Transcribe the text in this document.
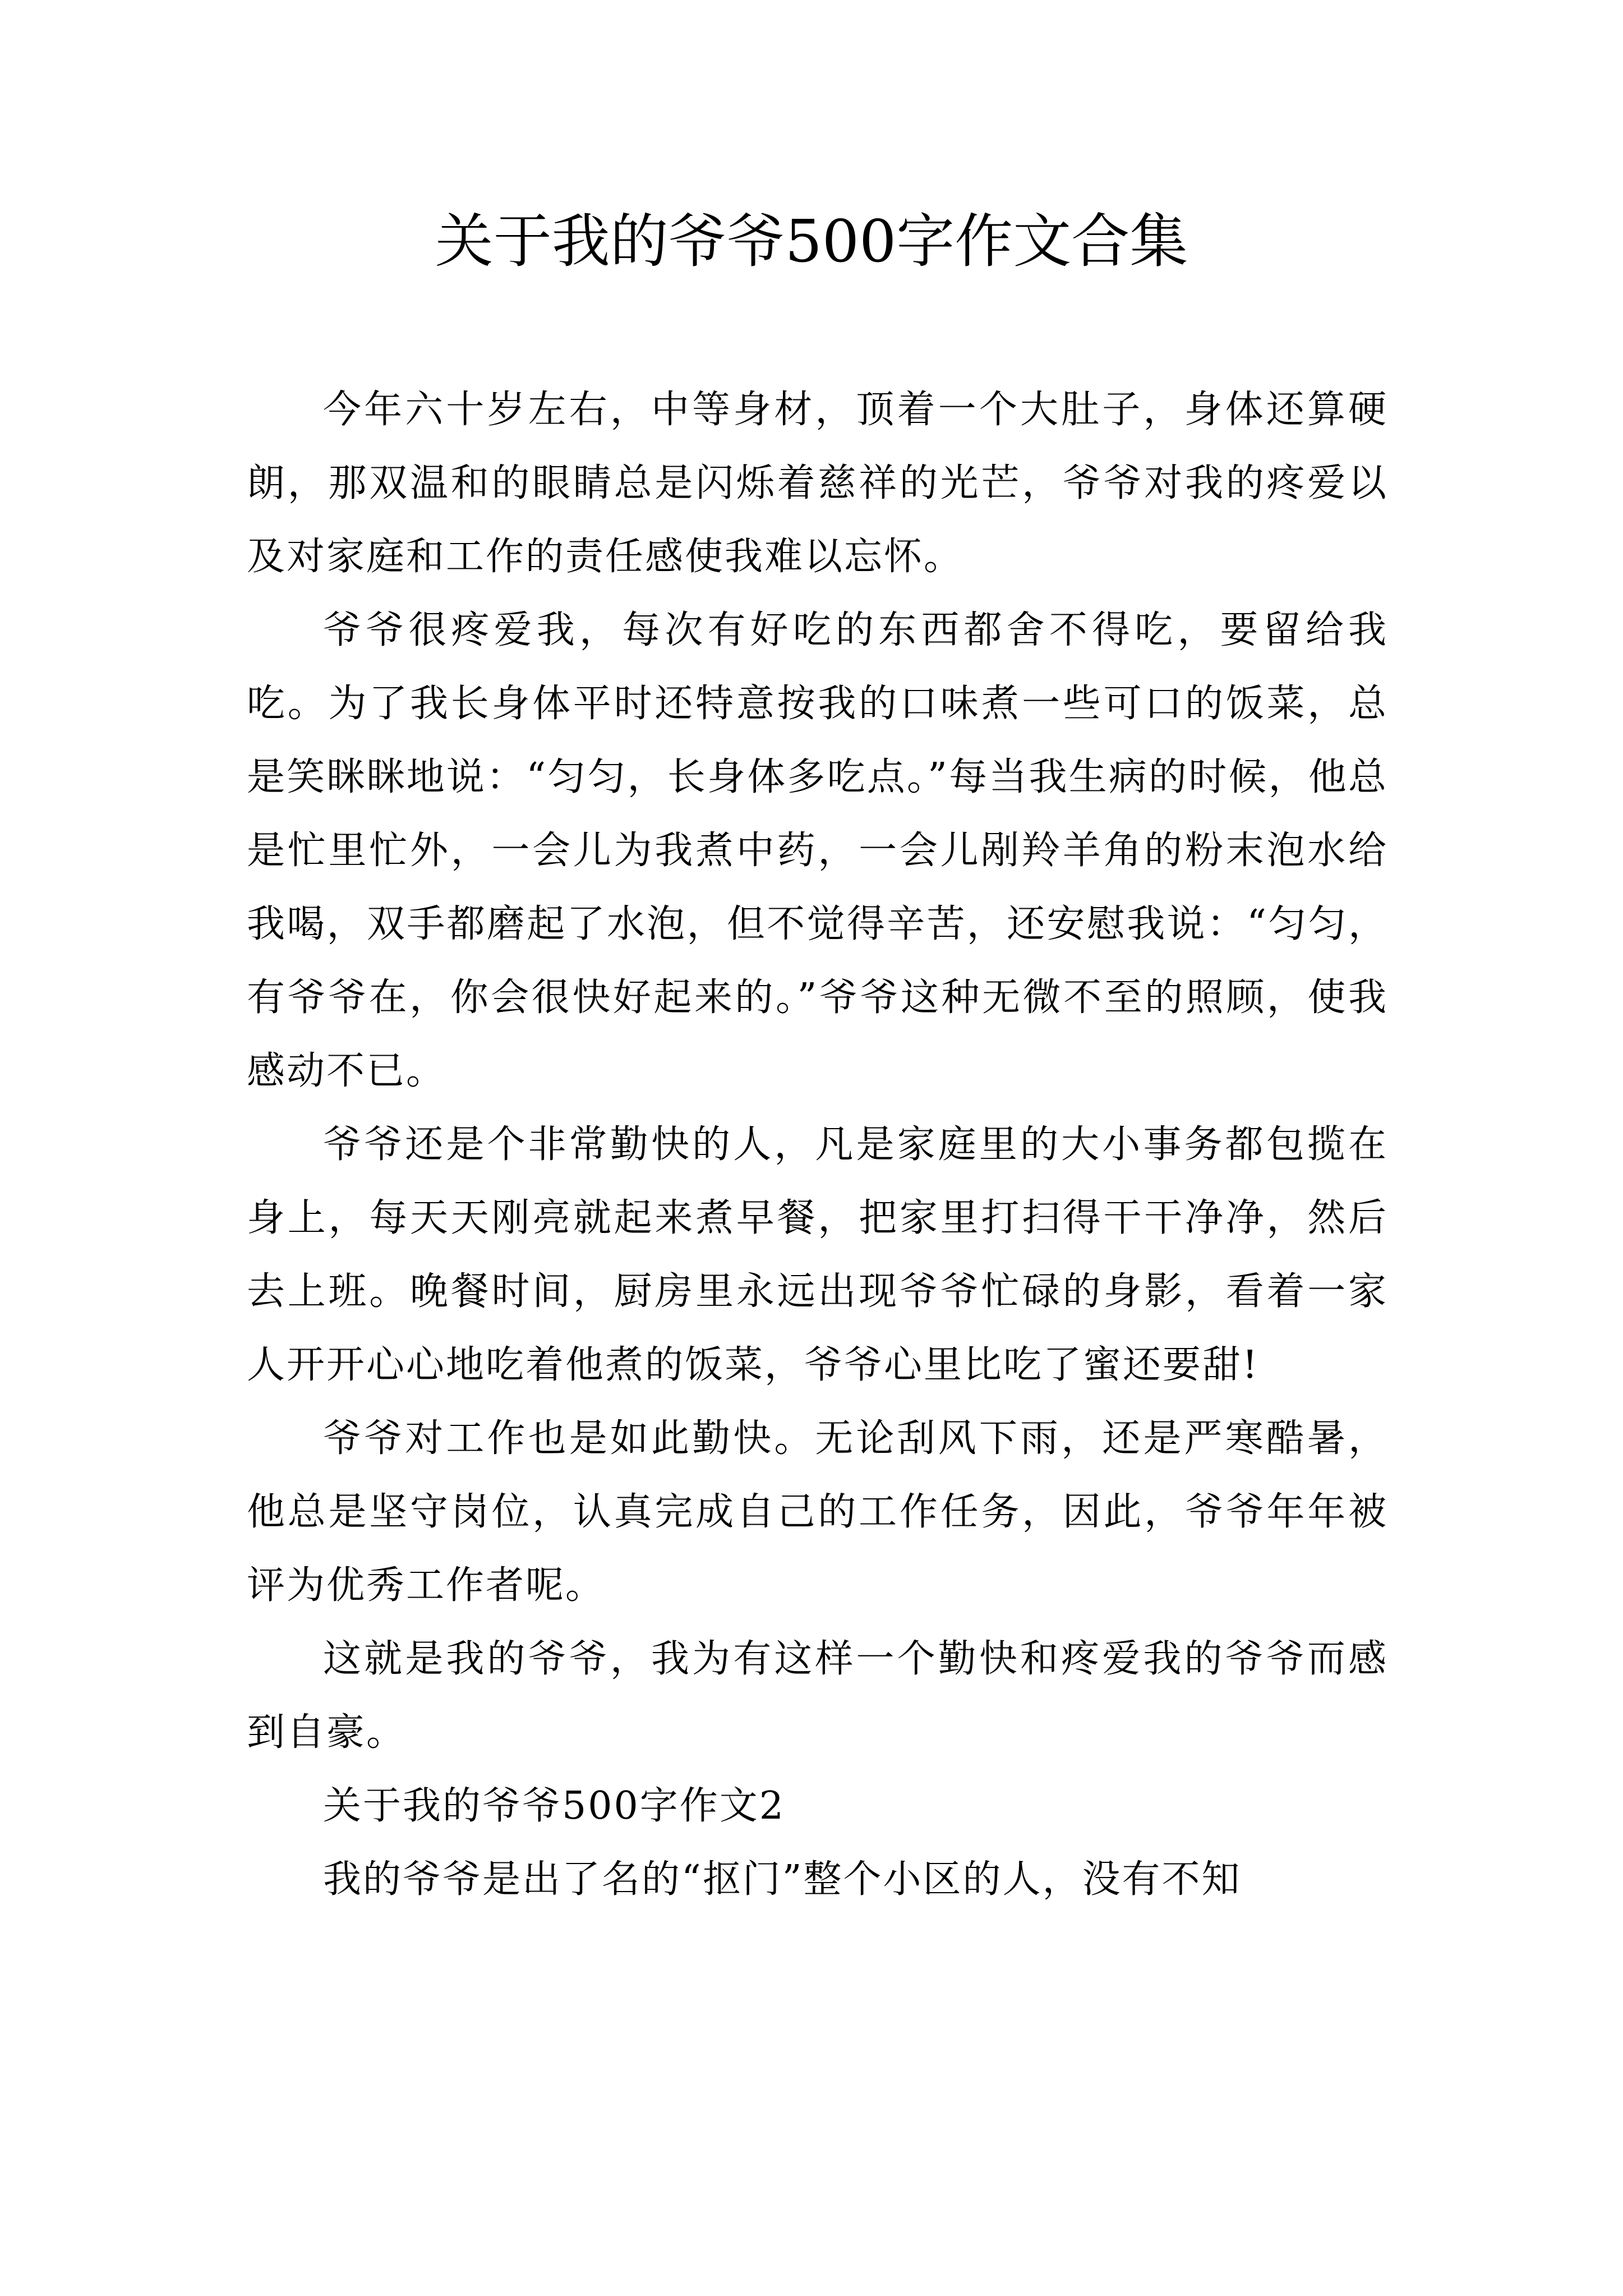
关于我的爷爷500字作文合集

今年六十岁左右，中等身材，顶着一个大肚子，身体还算硬朗，那双温和的眼睛总是闪烁着慈祥的光芒，爷爷对我的疼爱以及对家庭和工作的责任感使我难以忘怀。

爷爷很疼爱我，每次有好吃的东西都舍不得吃，要留给我吃。为了我长身体平时还特意按我的口味煮一些可口的饭菜，总是笑眯眯地说：“匀匀，长身体多吃点。”每当我生病的时候，他总是忙里忙外，一会儿为我煮中药，一会儿剐羚羊角的粉末泡水给我喝，双手都磨起了水泡，但不觉得辛苦，还安慰我说：“匀匀，有爷爷在，你会很快好起来的。”爷爷这种无微不至的照顾，使我感动不已。

爷爷还是个非常勤快的人，凡是家庭里的大小事务都包揽在身上，每天天刚亮就起来煮早餐，把家里打扫得干干净净，然后去上班。晚餐时间，厨房里永远出现爷爷忙碌的身影，看着一家人开开心心地吃着他煮的饭菜，爷爷心里比吃了蜜还要甜!

爷爷对工作也是如此勤快。无论刮风下雨，还是严寒酷暑，他总是坚守岗位，认真完成自己的工作任务，因此，爷爷年年被评为优秀工作者呢。

这就是我的爷爷，我为有这样一个勤快和疼爱我的爷爷而感到自豪。

关于我的爷爷500字作文2

我的爷爷是出了名的“抠门”整个小区的人，没有不知
